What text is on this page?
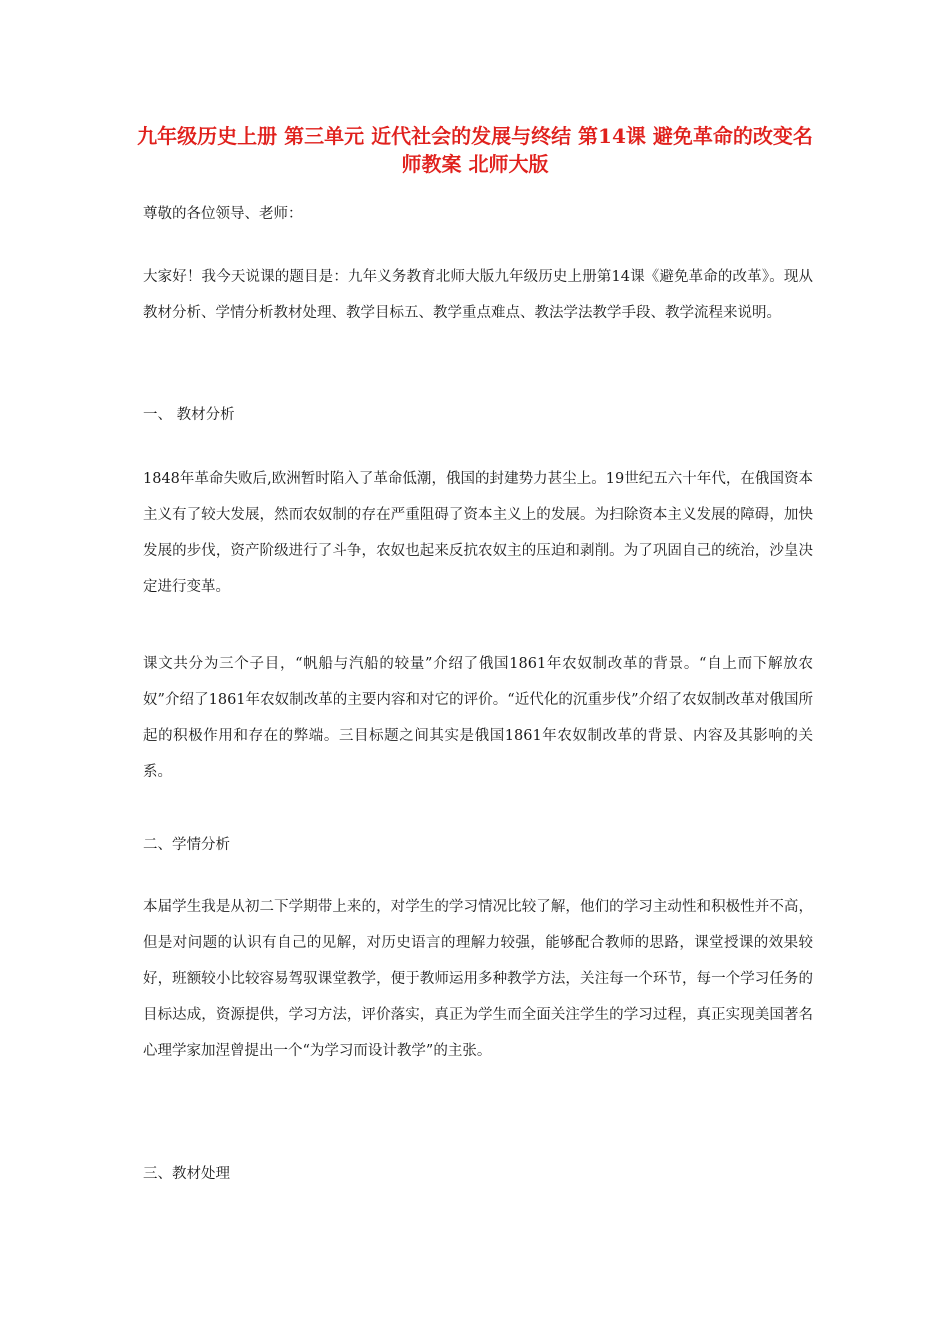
九年级历史上册 第三单元 近代社会的发展与终结 第14课 避免革命的改变名师教案 北师大版

尊敬的各位领导、老师：

大家好！我今天说课的题目是：九年义务教育北师大版九年级历史上册第14课《避免革命的改革》。现从 教材分析、学情分析教材处理、教学目标五、教学重点难点、教法学法教学手段、教学流程来说明。

一、 教材分析

1848年革命失败后,欧洲暂时陷入了革命低潮，俄国的封建势力甚尘上。19世纪五六十年代，在俄国资本主义有了较大发展，然而农奴制的存在严重阻碍了资本主义上的发展。为扫除资本主义发展的障碍，加快发展的步伐，资产阶级进行了斗争，农奴也起来反抗农奴主的压迫和剥削。为了巩固自己的统治，沙皇决定进行变革。

课文共分为三个子目，“帆船与汽船的较量”介绍了俄国1861年农奴制改革的背景。“自上而下解放农奴”介绍了1861年农奴制改革的主要内容和对它的评价。“近代化的沉重步伐”介绍了农奴制改革对俄国所起的积极作用和存在的弊端。三目标题之间其实是俄国1861年农奴制改革的背景、内容及其影响的关系。

二、学情分析

本届学生我是从初二下学期带上来的，对学生的学习情况比较了解，他们的学习主动性和积极性并不高，但是对问题的认识有自己的见解，对历史语言的理解力较强，能够配合教师的思路，课堂授课的效果较好，班额较小比较容易驾驭课堂教学，便于教师运用多种教学方法，关注每一个环节，每一个学习任务的目标达成，资源提供，学习方法，评价落实，真正为学生而全面关注学生的学习过程，真正实现美国著名心理学家加涅曾提出一个“为学习而设计教学”的主张。

三、教材处理
